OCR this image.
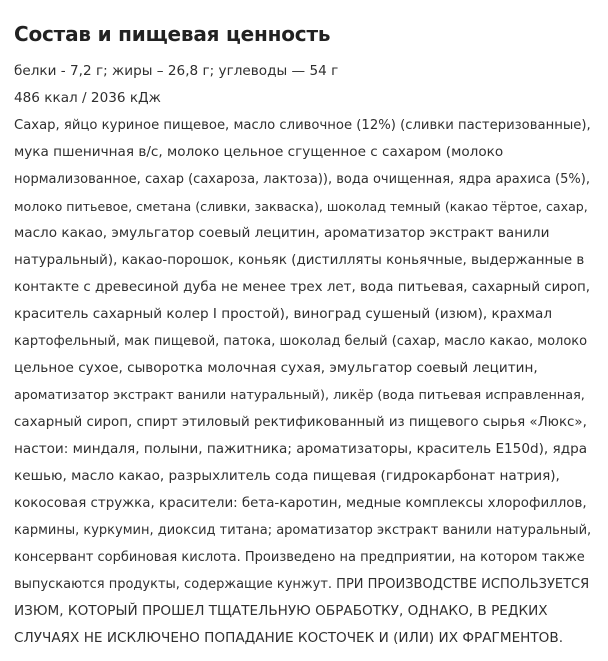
Состав и пищевая ценность

белки - 7,2 г; жиры – 26,8 г; углеводы — 54 г

486 ккал / 2036 кДж

Сахар, яйцо куриное пищевое, масло сливочное (12%) (сливки пастеризованные),
мука пшеничная в/с, молоко цельное сгущенное с сахаром (молоко
нормализованное, сахар (сахароза, лактоза)), вода очищенная, ядра арахиса (5%),
молоко питьевое, сметана (сливки, закваска), шоколад темный (какао тёртое, сахар,
масло какао, эмульгатор соевый лецитин, ароматизатор экстракт ванили
натуральный), какао-порошок, коньяк (дистилляты коньячные, выдержанные в
контакте с древесиной дуба не менее трех лет, вода питьевая, сахарный сироп,
краситель сахарный колер I простой), виноград сушеный (изюм), крахмал
картофельный, мак пищевой, патока, шоколад белый (сахар, масло какао, молоко
цельное сухое, сыворотка молочная сухая, эмульгатор соевый лецитин,
ароматизатор экстракт ванили натуральный), ликёр (вода питьевая исправленная,
сахарный сироп, спирт этиловый ректификованный из пищевого сырья «Люкс»,
настои: миндаля, полыни, пажитника; ароматизаторы, краситель E150d), ядра
кешью, масло какао, разрыхлитель сода пищевая (гидрокарбонат натрия),
кокосовая стружка, красители: бета-каротин, медные комплексы хлорофиллов,
кармины, куркумин, диоксид титана; ароматизатор экстракт ванили натуральный,
консервант сорбиновая кислота. Произведено на предприятии, на котором также
выпускаются продукты, содержащие кунжут. ПРИ ПРОИЗВОДСТВЕ ИСПОЛЬЗУЕТСЯ
ИЗЮМ, КОТОРЫЙ ПРОШЕЛ ТЩАТЕЛЬНУЮ ОБРАБОТКУ, ОДНАКО, В РЕДКИХ
СЛУЧАЯХ НЕ ИСКЛЮЧЕНО ПОПАДАНИЕ КОСТОЧЕК И (ИЛИ) ИХ ФРАГМЕНТОВ.
